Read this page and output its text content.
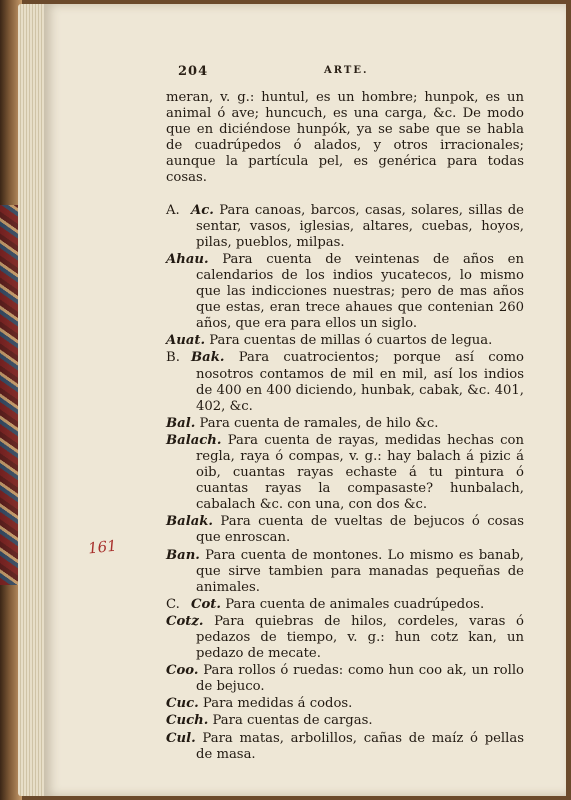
204	ARTE.

meran, v. g.: huntul, es un hombre; hunpok, es un animal ó ave; huncuch, es una carga, &c. De modo que en diciéndose hunpók, ya se sabe que se habla de cuadrúpedos ó alados, y otros irracionales; aunque la partícula pel, es genérica para todas cosas.

A. Ac. Para canoas, barcos, casas, solares, sillas de sentar, vasos, iglesias, altares, cuebas, hoyos, pilas, pueblos, milpas.

Ahau. Para cuenta de veintenas de años en calendarios de los indios yucatecos, lo mismo que las indicciones nuestras; pero de mas años que estas, eran trece ahaues que contenian 260 años, que era para ellos un siglo.

Auat. Para cuentas de millas ó cuartos de legua.

B. Bak. Para cuatrocientos; porque así como nosotros contamos de mil en mil, así los indios de 400 en 400 diciendo, hunbak, cabak, &c. 401, 402, &c.

Bal. Para cuenta de ramales, de hilo &c.

Balach. Para cuenta de rayas, medidas hechas con regla, raya ó compas, v. g.: hay balach á pizic á oib, cuantas rayas echaste á tu pintura ó cuantas rayas la compasaste? hunbalach, cabalach &c. con una, con dos &c.

Balak. Para cuenta de vueltas de bejucos ó cosas que enroscan.

Ban. Para cuenta de montones. Lo mismo es banab, que sirve tambien para manadas pequeñas de animales.

C. Cot. Para cuenta de animales cuadrúpedos.

Cotz. Para quiebras de hilos, cordeles, varas ó pedazos de tiempo, v. g.: hun cotz kan, un pedazo de mecate.

Coo. Para rollos ó ruedas: como hun coo ak, un rollo de bejuco.

Cuc. Para medidas á codos.

Cuch. Para cuentas de cargas.

Cul. Para matas, arbolillos, cañas de maíz ó pellas de masa.

161
